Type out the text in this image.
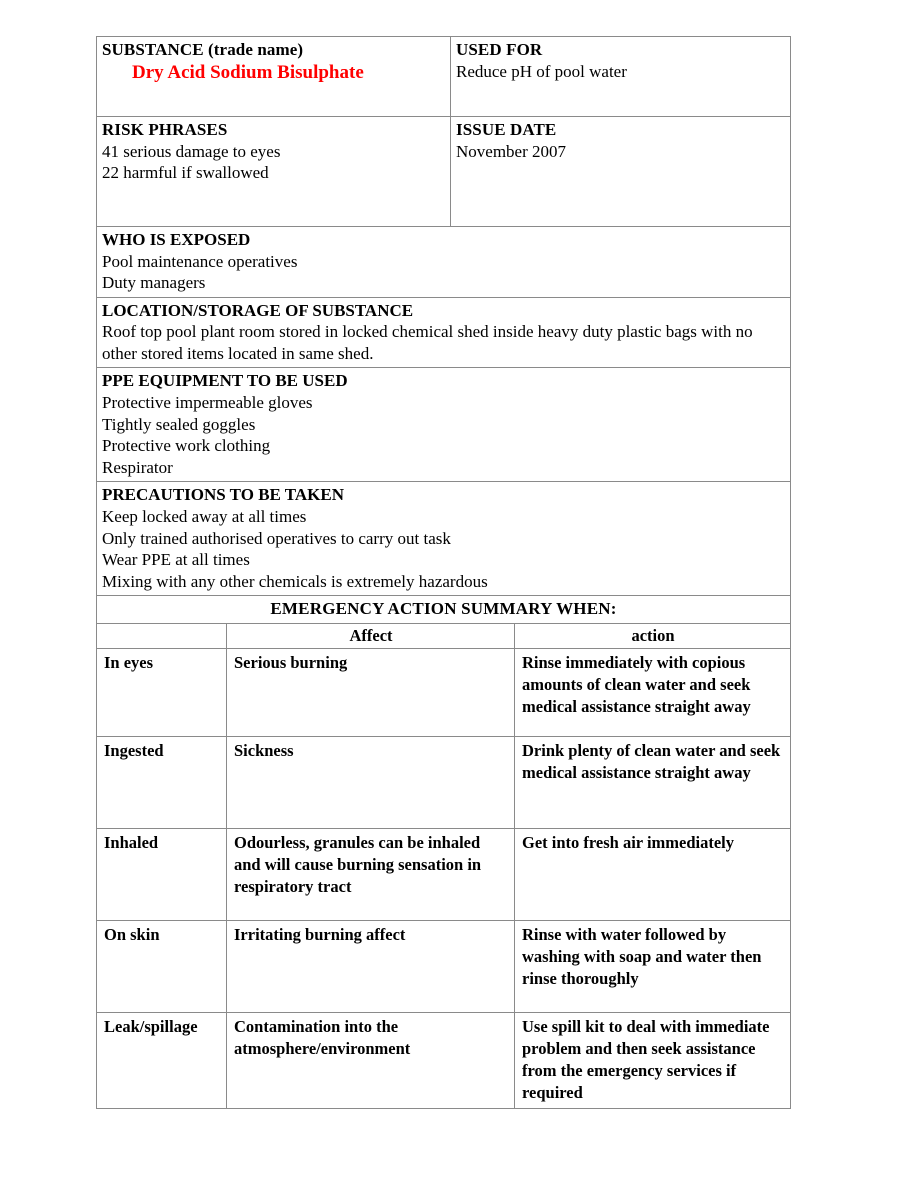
SUBSTANCE (trade name)
Dry Acid Sodium Bisulphate

USED FOR
Reduce pH of pool water

RISK PHRASES
41 serious damage to eyes
22 harmful if swallowed

ISSUE DATE
November 2007
WHO IS EXPOSED
Pool maintenance operatives
Duty managers

LOCATION/STORAGE OF SUBSTANCE
Roof top pool plant room stored in locked chemical shed inside heavy duty plastic bags with no other stored items located in same shed.

PPE EQUIPMENT TO BE USED
Protective impermeable gloves
Tightly sealed goggles
Protective work clothing
Respirator

PRECAUTIONS TO BE TAKEN
Keep locked away at all times
Only trained authorised operatives to carry out task
Wear PPE at all times
Mixing with any other chemicals is extremely hazardous

EMERGENCY ACTION SUMMARY WHEN:
	Affect	action
In eyes	Serious burning	Rinse immediately with copious amounts of clean water and seek medical assistance straight away
Ingested	Sickness	Drink plenty of clean water and seek medical assistance straight away
Inhaled	Odourless, granules can be inhaled and will cause burning sensation in respiratory tract	Get into fresh air immediately
On skin	Irritating burning affect	Rinse with water followed by washing with soap and water then rinse thoroughly
Leak/spillage	Contamination into the atmosphere/environment	Use spill kit to deal with immediate problem and then seek assistance from the emergency services if required
